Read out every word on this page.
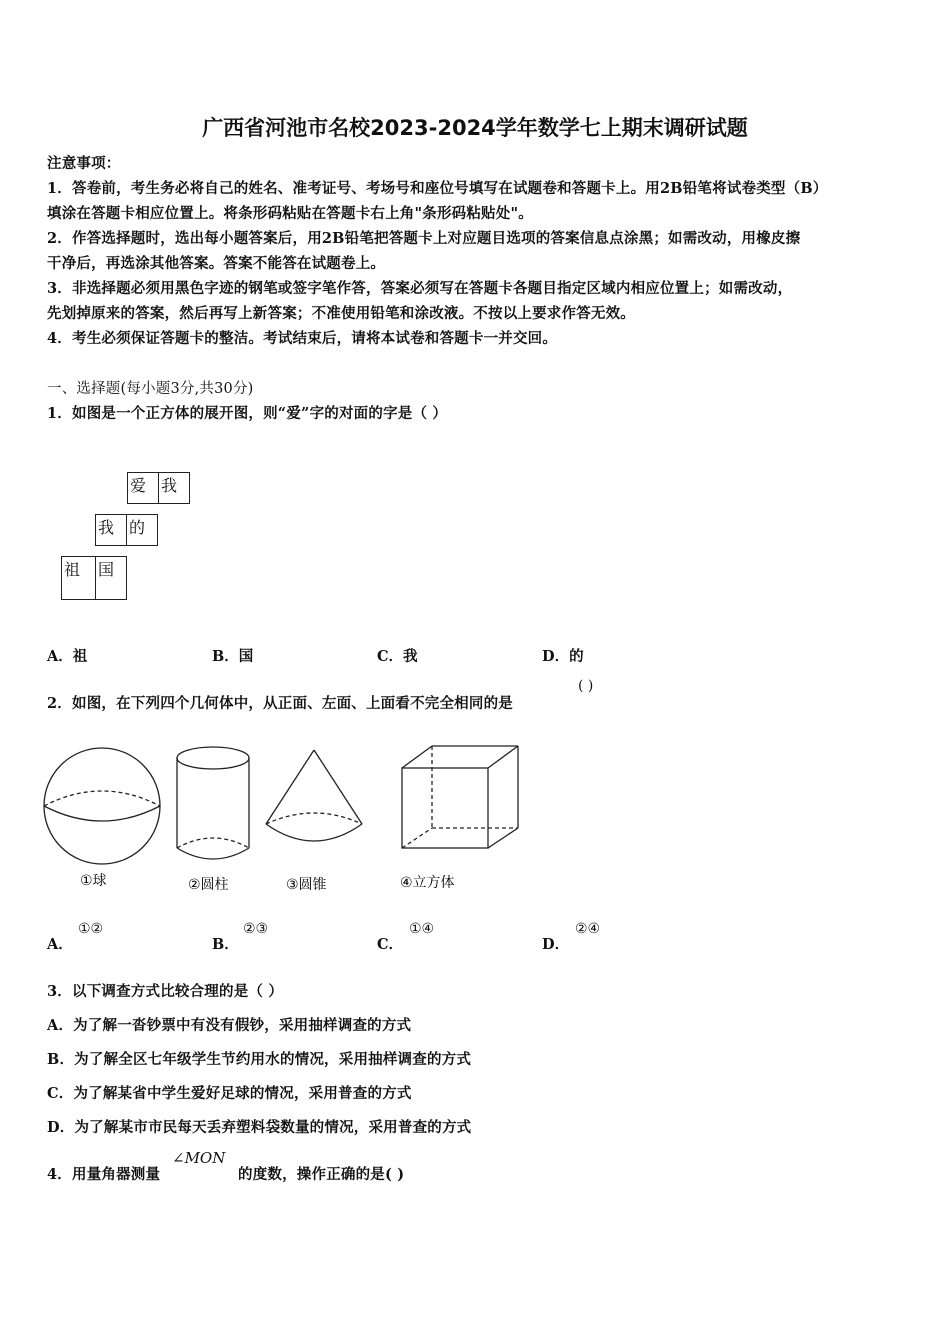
广西省河池市名校2023-2024学年数学七上期末调研试题
注意事项：
1．答卷前，考生务必将自己的姓名、准考证号、考场号和座位号填写在试题卷和答题卡上。用2B铅笔将试卷类型（B）
填涂在答题卡相应位置上。将条形码粘贴在答题卡右上角"条形码粘贴处"。
2．作答选择题时，选出每小题答案后，用2B铅笔把答题卡上对应题目选项的答案信息点涂黑；如需改动，用橡皮擦
干净后，再选涂其他答案。答案不能答在试题卷上。
3．非选择题必须用黑色字迹的钢笔或签字笔作答，答案必须写在答题卡各题目指定区域内相应位置上；如需改动，
先划掉原来的答案，然后再写上新答案；不准使用铅笔和涂改液。不按以上要求作答无效。
4．考生必须保证答题卡的整洁。考试结束后，请将本试卷和答题卡一并交回。
一、选择题(每小题3分,共30分)
1．如图是一个正方体的展开图，则“爱”字的对面的字是（ ）
爱 我
我 的
祖	国
A．祖	B．国	C．我	D．的
2．如图，在下列四个几何体中，从正面、左面、上面看不完全相同的是
( )
①球	②圆柱	③圆锥	④立方体
A．
①②
B．
②③
C．
①④
D．
②④
3．以下调查方式比较合理的是（ ）
A．为了解一沓钞票中有没有假钞，采用抽样调查的方式
B．为了解全区七年级学生节约用水的情况，采用抽样调查的方式
C．为了解某省中学生爱好足球的情况，采用普查的方式
D．为了解某市市民每天丢弃塑料袋数量的情况，采用普查的方式
4．用量角器测量
∠MON
的度数，操作正确的是( )
